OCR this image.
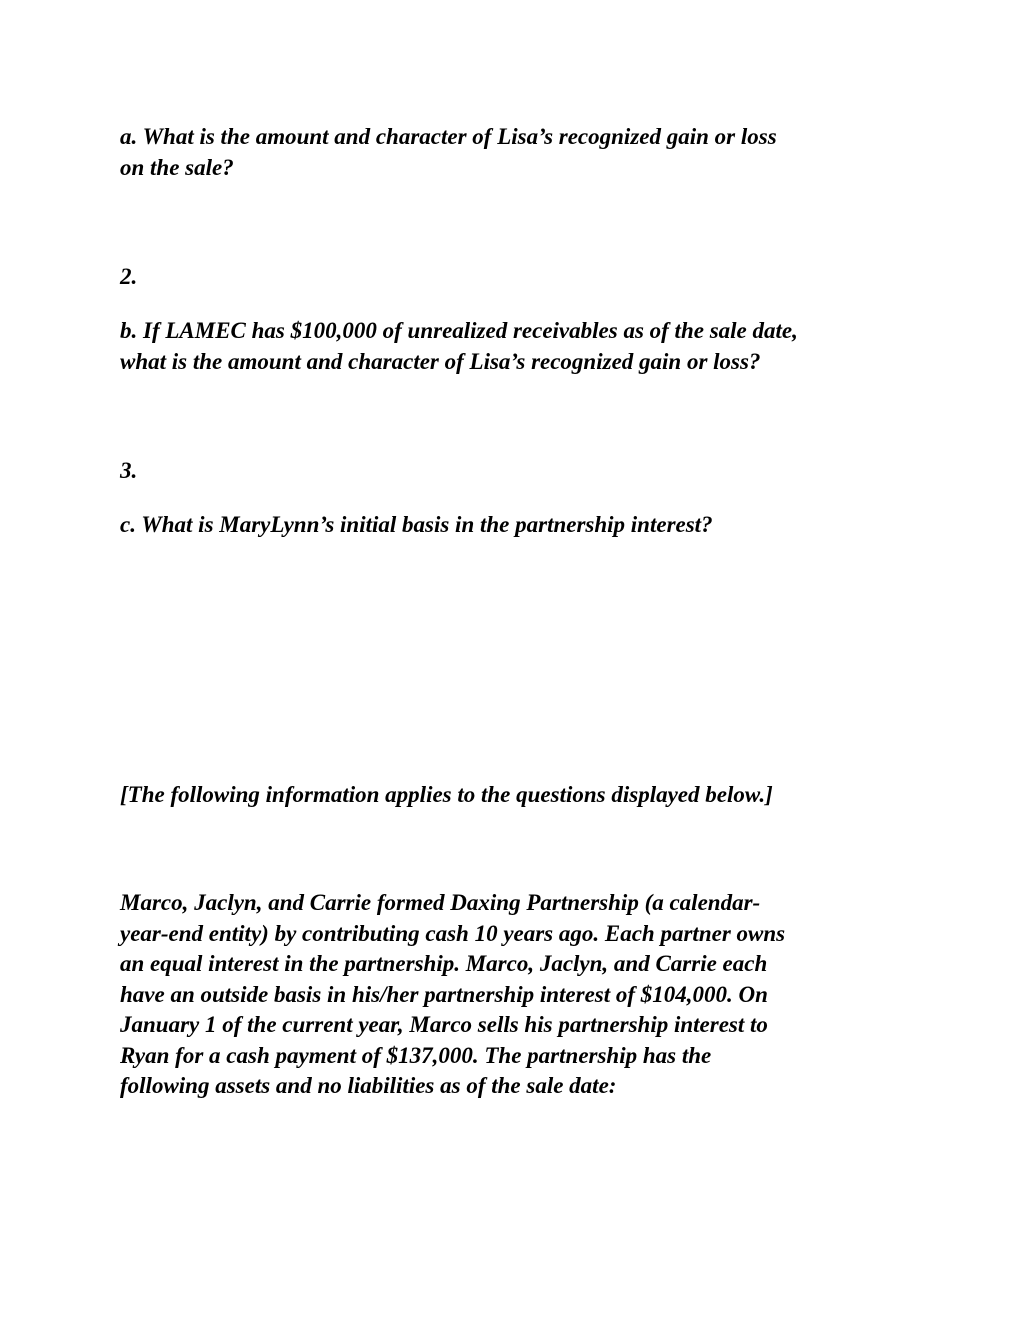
a. What is the amount and character of Lisa’s recognized gain or loss
on the sale?

2.

b. If LAMEC has $100,000 of unrealized receivables as of the sale date,
what is the amount and character of Lisa’s recognized gain or loss?

3.

c. What is MaryLynn’s initial basis in the partnership interest?

[The following information applies to the questions displayed below.]

Marco, Jaclyn, and Carrie formed Daxing Partnership (a calendar-
year-end entity) by contributing cash 10 years ago. Each partner owns
an equal interest in the partnership. Marco, Jaclyn, and Carrie each
have an outside basis in his/her partnership interest of $104,000. On
January 1 of the current year, Marco sells his partnership interest to
Ryan for a cash payment of $137,000. The partnership has the
following assets and no liabilities as of the sale date:
